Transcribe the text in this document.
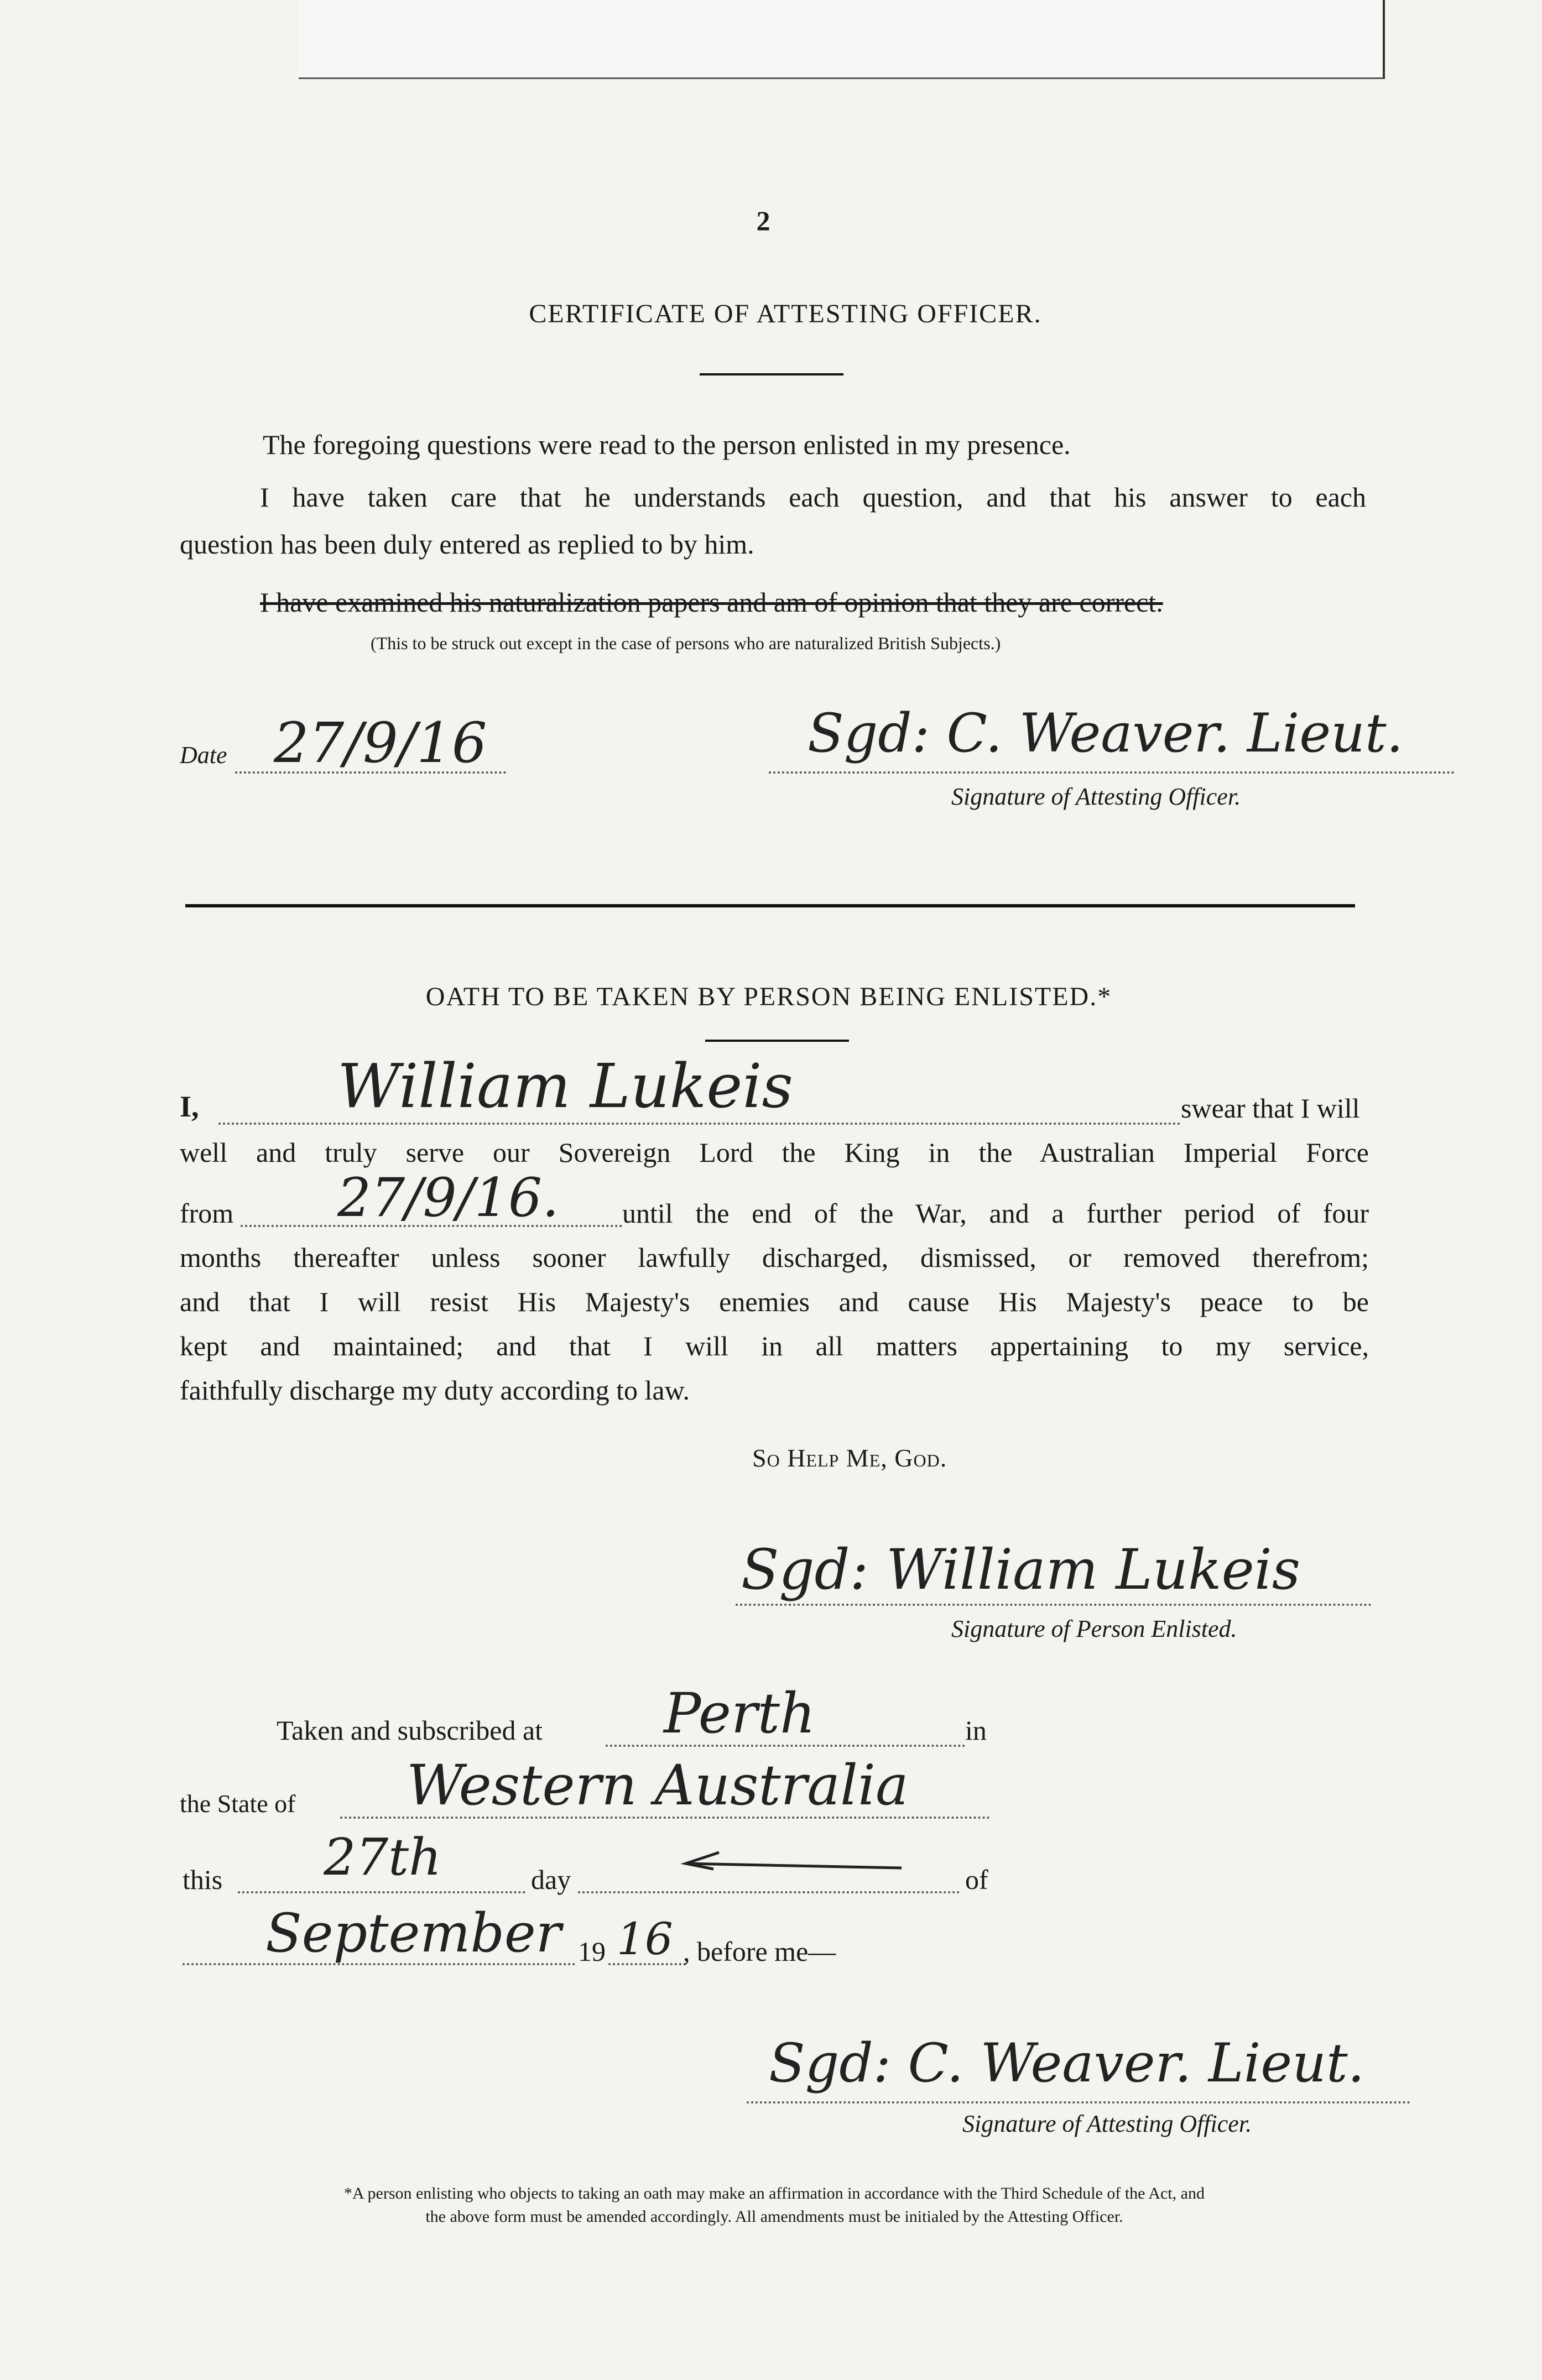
2
CERTIFICATE OF ATTESTING OFFICER.
The foregoing questions were read to the person enlisted in my presence.
I have taken care that he understands each question, and that his answer to each
question has been duly entered as replied to by him.
I have examined his naturalization papers and am of opinion that they are correct.
(This to be struck out except in the case of persons who are naturalized British Subjects.)
Date 27/9/16	Sgd: C. Weaver. Lieut.
Signature of Attesting Officer.
OATH TO BE TAKEN BY PERSON BEING ENLISTED.*
I, William Lukeis	swear that I will
well and truly serve our Sovereign Lord the King in the Australian Imperial Force
from 27/9/16. until the end of the War, and a further period of four
months thereafter unless sooner lawfully discharged, dismissed, or removed therefrom;
and that I will resist His Majesty's enemies and cause His Majesty's peace to be
kept and maintained; and that I will in all matters appertaining to my service,
faithfully discharge my duty according to law.
So Help Me, God.
Sgd: William Lukeis
Signature of Person Enlisted.
Taken and subscribed at Perth	in
the State of Western Australia
this 27th	day	of
September 19 16 , before me—
Sgd: C. Weaver. Lieut.
Signature of Attesting Officer.
*A person enlisting who objects to taking an oath may make an affirmation in accordance with the Third Schedule of the Act, and
the above form must be amended accordingly. All amendments must be initialed by the Attesting Officer.
